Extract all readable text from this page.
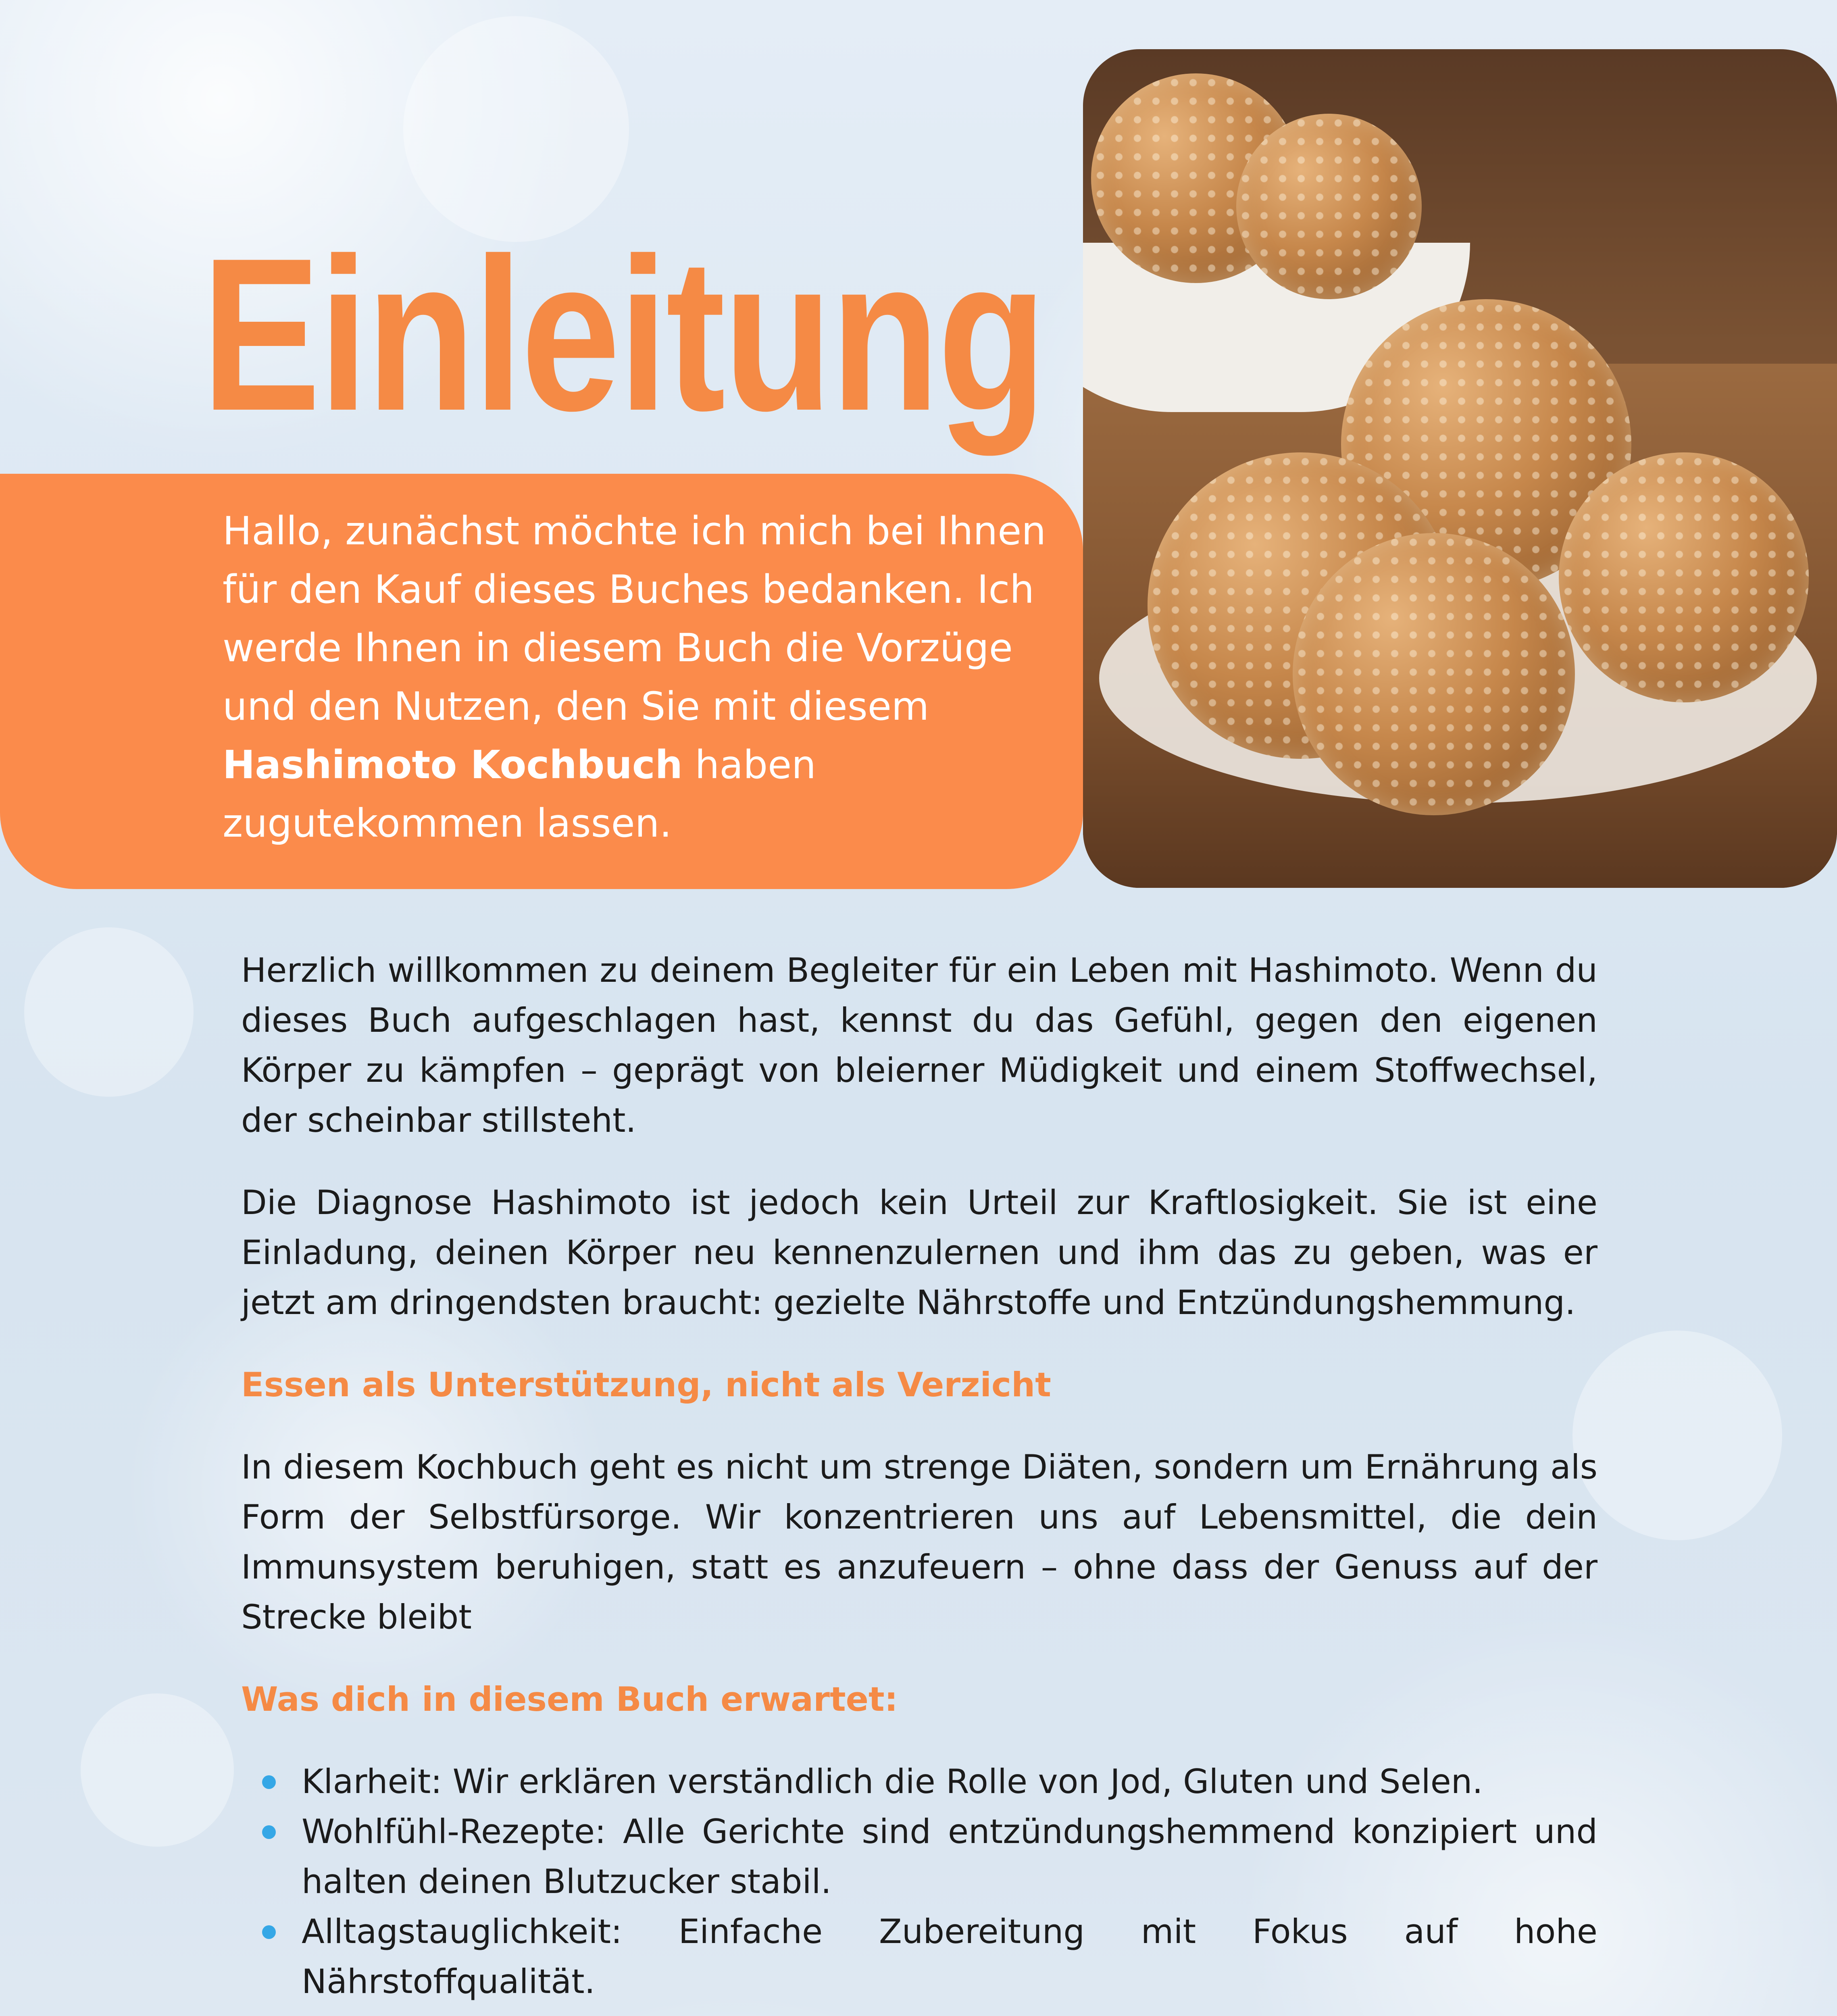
Einleitung
Hallo, zunächst möchte ich mich bei Ihnen für den Kauf dieses Buches bedanken. Ich werde Ihnen in diesem Buch die Vorzüge und den Nutzen, den Sie mit diesem Hashimoto Kochbuch haben zugutekommen lassen.

Herzlich willkommen zu deinem Begleiter für ein Leben mit Hashimoto. Wenn du dieses Buch aufgeschlagen hast, kennst du das Gefühl, gegen den eigenen Körper zu kämpfen – geprägt von bleierner Müdigkeit und einem Stoffwechsel, der scheinbar stillsteht.

Die Diagnose Hashimoto ist jedoch kein Urteil zur Kraftlosigkeit. Sie ist eine Einladung, deinen Körper neu kennenzulernen und ihm das zu geben, was er jetzt am dringendsten braucht: gezielte Nährstoffe und Entzündungshemmung.

Essen als Unterstützung, nicht als Verzicht

In diesem Kochbuch geht es nicht um strenge Diäten, sondern um Ernährung als Form der Selbstfürsorge. Wir konzentrieren uns auf Lebensmittel, die dein Immunsystem beruhigen, statt es anzufeuern – ohne dass der Genuss auf der Strecke bleibt

Was dich in diesem Buch erwartet:
Klarheit: Wir erklären verständlich die Rolle von Jod, Gluten und Selen.
Wohlfühl-Rezepte: Alle Gerichte sind entzündungshemmend konzipiert und halten deinen Blutzucker stabil.
Alltagstauglichkeit: Einfache Zubereitung mit Fokus auf hohe Nährstoffqualität.
